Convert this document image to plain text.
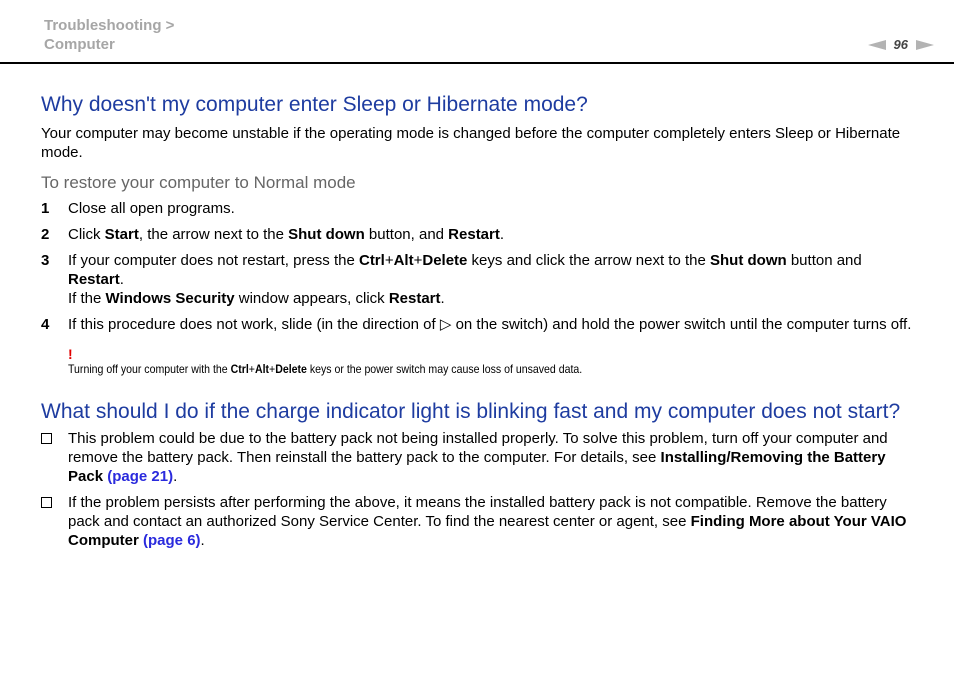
Troubleshooting >
Computer	96
Why doesn't my computer enter Sleep or Hibernate mode?

Your computer may become unstable if the operating mode is changed before the computer completely enters Sleep or Hibernate mode.

To restore your computer to Normal mode
1	Close all open programs.
2	Click Start, the arrow next to the Shut down button, and Restart.
3	If your computer does not restart, press the Ctrl+Alt+Delete keys and click the arrow next to the Shut down button and Restart.
If the Windows Security window appears, click Restart.
4	If this procedure does not work, slide (in the direction of ▷ on the switch) and hold the power switch until the computer turns off.
!
Turning off your computer with the Ctrl+Alt+Delete keys or the power switch may cause loss of unsaved data.
What should I do if the charge indicator light is blinking fast and my computer does not start?
This problem could be due to the battery pack not being installed properly. To solve this problem, turn off your computer and remove the battery pack. Then reinstall the battery pack to the computer. For details, see Installing/Removing the Battery Pack (page 21).
If the problem persists after performing the above, it means the installed battery pack is not compatible. Remove the battery pack and contact an authorized Sony Service Center. To find the nearest center or agent, see Finding More about Your VAIO Computer (page 6).
